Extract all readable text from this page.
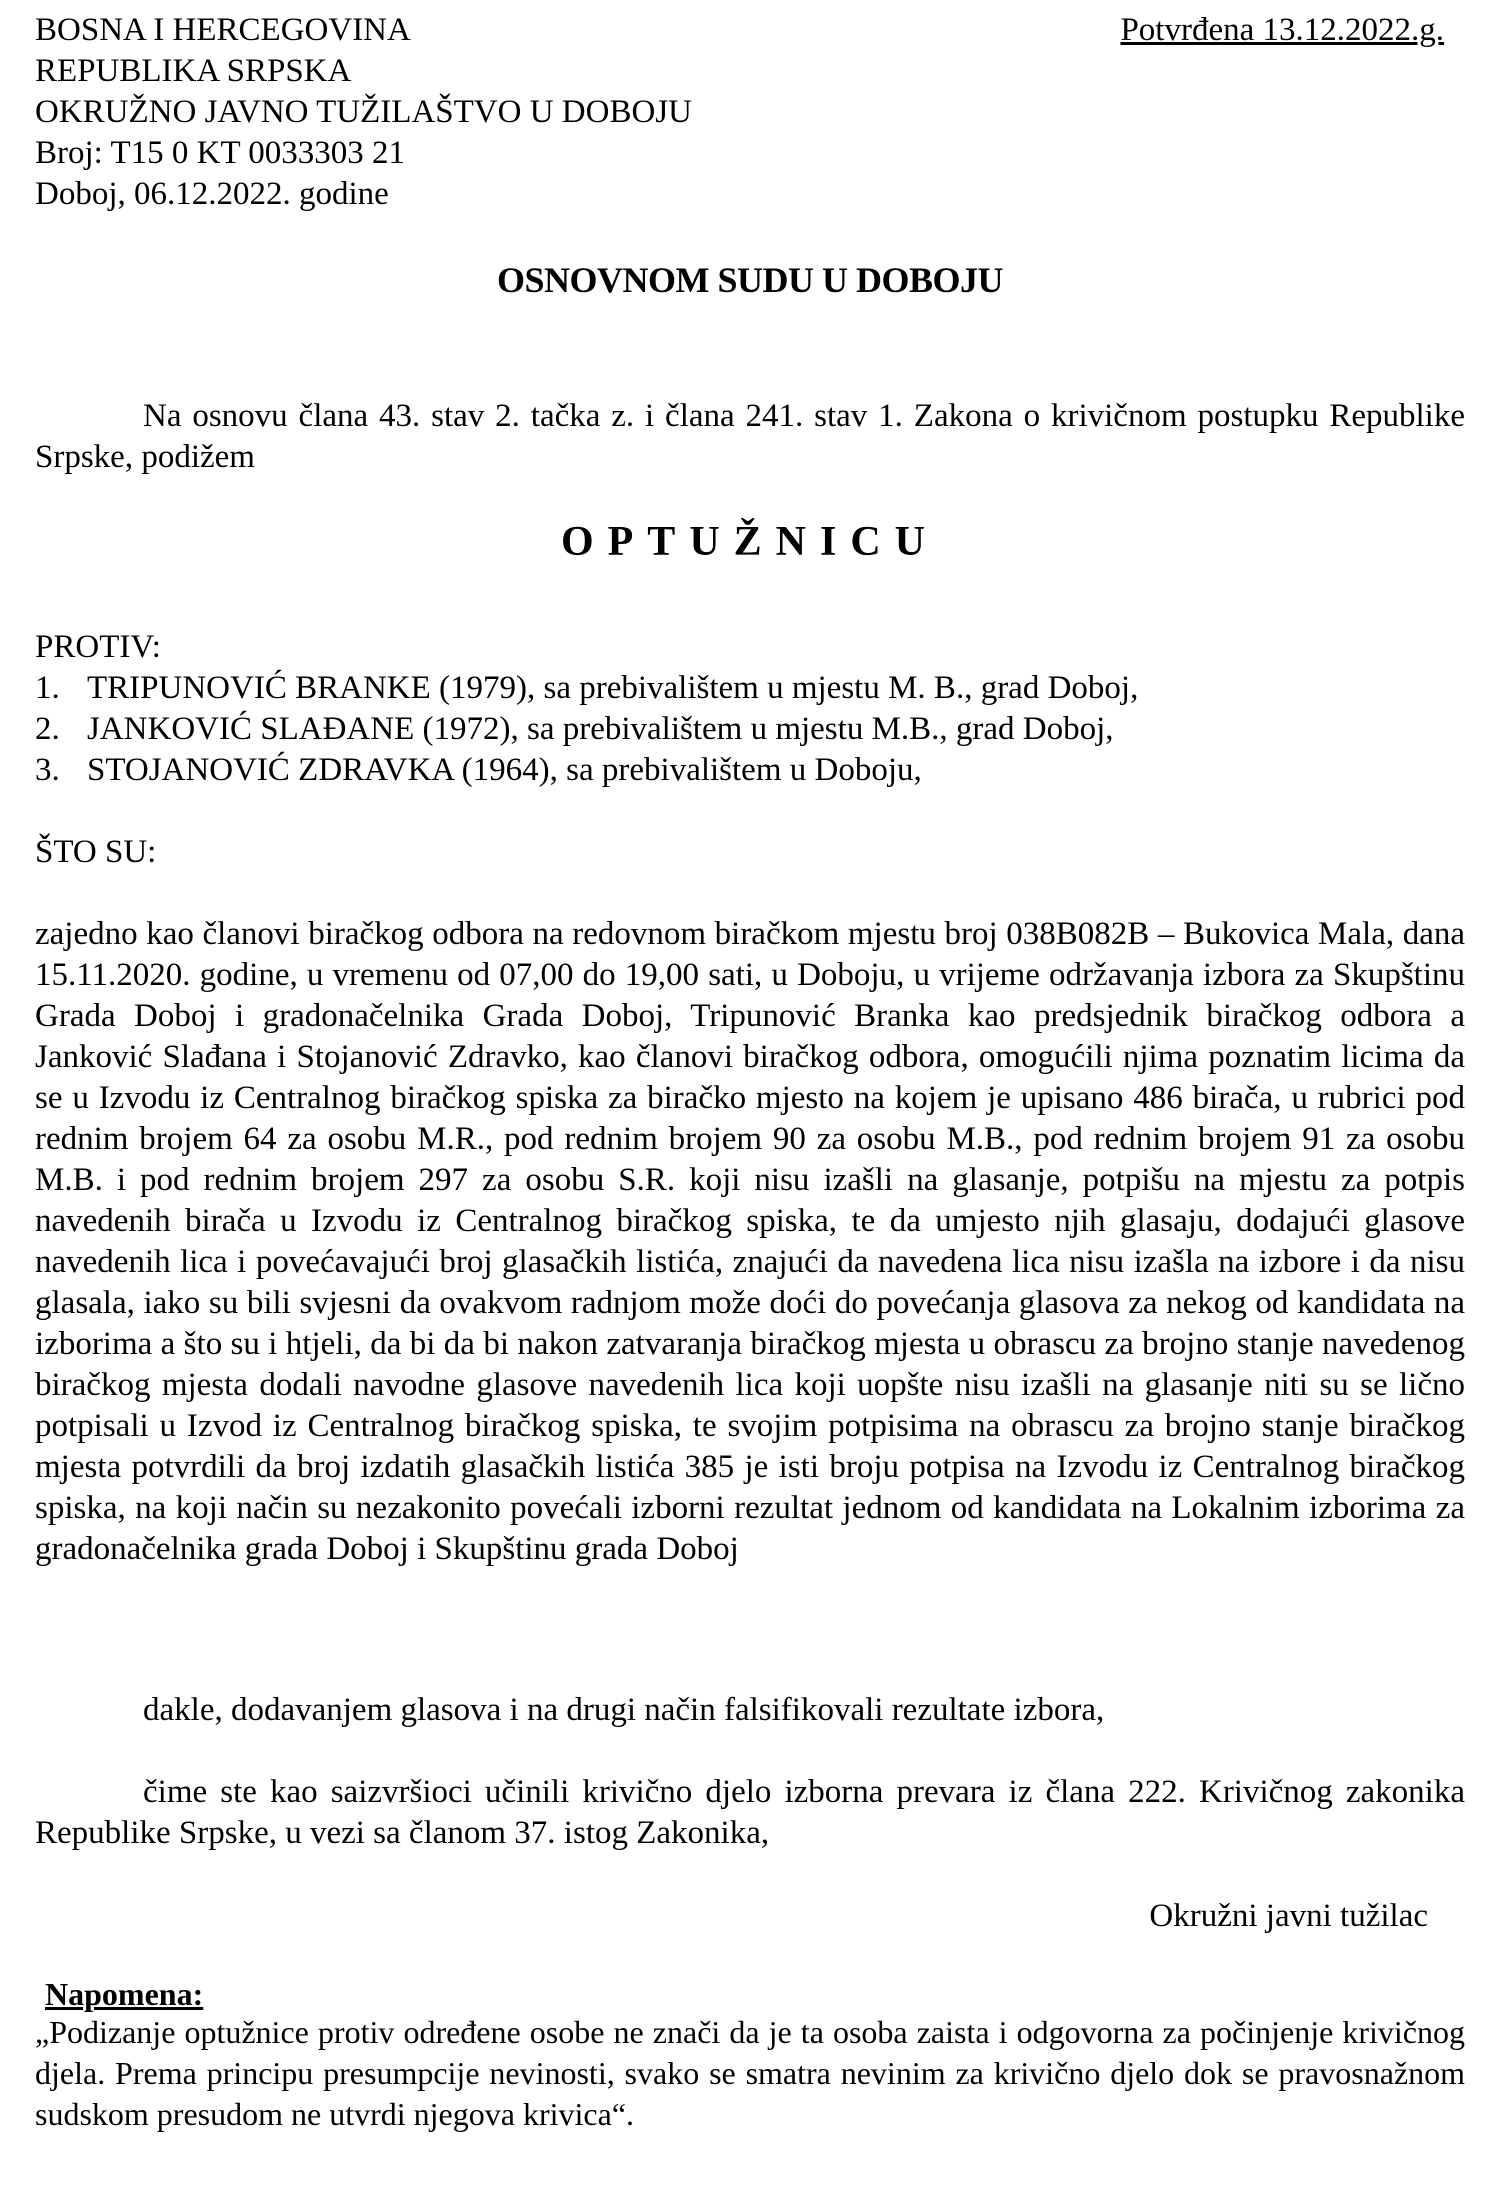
BOSNA I HERCEGOVINA
REPUBLIKA SRPSKA
OKRUŽNO JAVNO TUŽILAŠTVO U DOBOJU
Broj: T15 0 KT 0033303 21
Doboj, 06.12.2022. godine
Potvrđena 13.12.2022.g.
OSNOVNOM SUDU U DOBOJU

Na osnovu člana 43. stav 2. tačka z. i člana 241. stav 1. Zakona o krivičnom postupku Republike Srpske, podižem

OPTUŽNICU
PROTIV:
1. TRIPUNOVIĆ BRANKE (1979), sa prebivalištem u mjestu M. B., grad Doboj,
2. JANKOVIĆ SLAĐANE (1972), sa prebivalištem u mjestu M.B., grad Doboj,
3. STOJANOVIĆ ZDRAVKA (1964), sa prebivalištem u Doboju,
ŠTO SU:

zajedno kao članovi biračkog odbora na redovnom biračkom mjestu broj 038B082B – Bukovica Mala, dana 15.11.2020. godine, u vremenu od 07,00 do 19,00 sati, u Doboju, u vrijeme održavanja izbora za Skupštinu Grada Doboj i gradonačelnika Grada Doboj, Tripunović Branka kao predsjednik biračkog odbora a Janković Slađana i Stojanović Zdravko, kao članovi biračkog odbora, omogućili njima poznatim licima da se u Izvodu iz Centralnog biračkog spiska za biračko mjesto na kojem je upisano 486 birača, u rubrici pod rednim brojem 64 za osobu M.R., pod rednim brojem 90 za osobu M.B., pod rednim brojem 91 za osobu M.B. i pod rednim brojem 297 za osobu S.R. koji nisu izašli na glasanje, potpišu na mjestu za potpis navedenih birača u Izvodu iz Centralnog biračkog spiska, te da umjesto njih glasaju, dodajući glasove navedenih lica i povećavajući broj glasačkih listića, znajući da navedena lica nisu izašla na izbore i da nisu glasala, iako su bili svjesni da ovakvom radnjom može doći do povećanja glasova za nekog od kandidata na izborima a što su i htjeli, da bi da bi nakon zatvaranja biračkog mjesta u obrascu za brojno stanje navedenog biračkog mjesta dodali navodne glasove navedenih lica koji uopšte nisu izašli na glasanje niti su se lično potpisali u Izvod iz Centralnog biračkog spiska, te svojim potpisima na obrascu za brojno stanje biračkog mjesta potvrdili da broj izdatih glasačkih listića 385 je isti broju potpisa na Izvodu iz Centralnog biračkog spiska, na koji način su nezakonito povećali izborni rezultat jednom od kandidata na Lokalnim izborima za gradonačelnika grada Doboj i Skupštinu grada Doboj

dakle, dodavanjem glasova i na drugi način falsifikovali rezultate izbora,

čime ste kao saizvršioci učinili krivično djelo izborna prevara iz člana 222. Krivičnog zakonika Republike Srpske, u vezi sa članom 37. istog Zakonika,

Okružni javni tužilac
Napomena:

„Podizanje optužnice protiv određene osobe ne znači da je ta osoba zaista i odgovorna za počinjenje krivičnog djela. Prema principu presumpcije nevinosti, svako se smatra nevinim za krivično djelo dok se pravosnažnom sudskom presudom ne utvrdi njegova krivica“.
